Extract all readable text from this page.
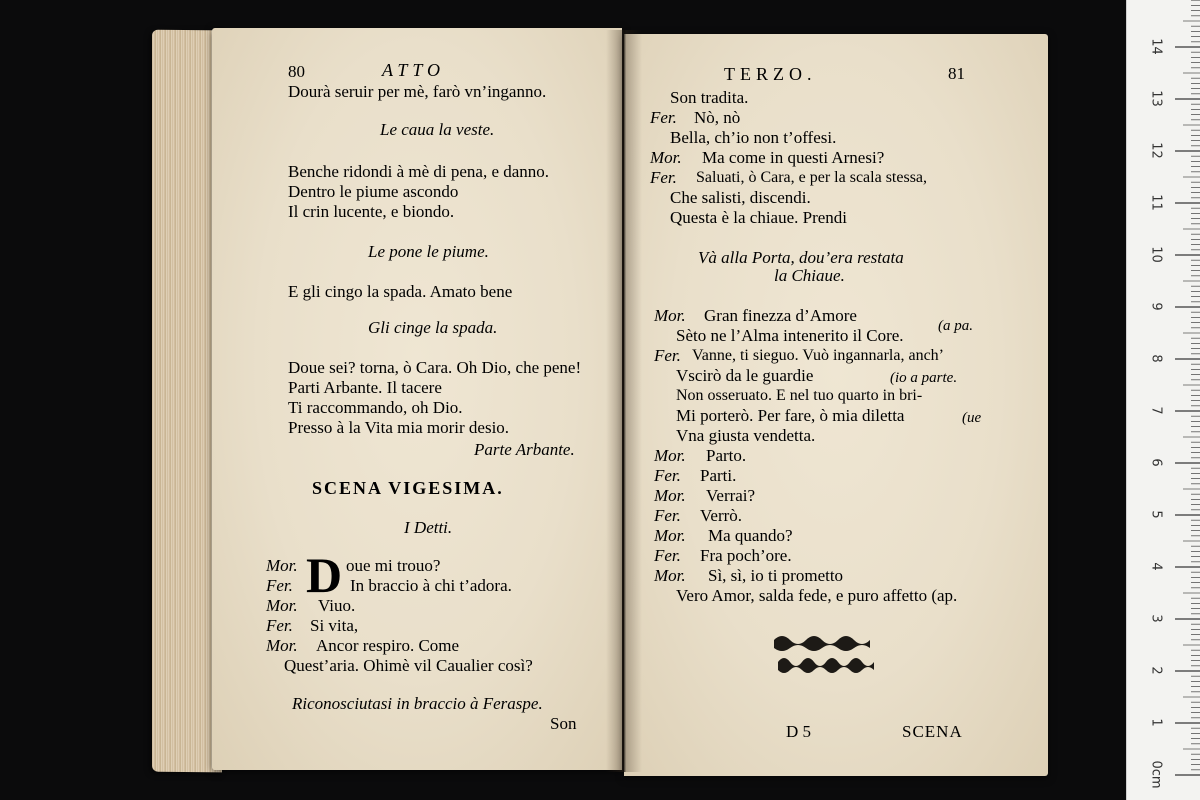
80	ATTO
Dourà seruir per mè, farò vn’inganno.
Le caua la veste.
Benche ridondi à mè di pena, e danno.
Dentro le piume ascondo
Il crin lucente, e biondo.
Le pone le piume.
E gli cingo la spada. Amato bene
Gli cinge la spada.
Doue sei? torna, ò Cara. Oh Dio, che pene!
Parti Arbante. Il tacere
Ti raccommando, oh Dio.
Presso à la Vita mia morir desio.
Parte Arbante.
SCENA VIGESIMA.
I Detti.
D
Mor.	oue mi trouo?
Fer.	In braccio à chi t’adora.
Mor. Viuo.
Fer. Si vita,
Mor. Ancor respiro. Come
Quest’aria. Ohimè vil Caualier così?
Riconosciutasi in braccio à Feraspe.
Son
TERZO.	81
Son tradita.
Fer. Nò, nò
Bella, ch’io non t’offesi.
Mor. Ma come in questi Arnesi?
Fer. Saluati, ò Cara, e per la scala stessa,
Che salisti, discendi.
Questa è la chiaue. Prendi
Và alla Porta, dou’era restata
la Chiaue.
Mor. Gran finezza d’Amore
Sèto ne l’Alma intenerito il Core.
Fer. Vanne, ti sieguo. Vuò ingannarla, anch’
Vscirò da le guardie
Non osseruato. E nel tuo quarto in bri-
Mi porterò. Per fare, ò mia diletta
Vna giusta vendetta.
(a pa.
(io a parte.
(ue
Mor. Parto.
Fer. Parti.
Mor. Verrai?
Fer. Verrò.
Mor. Ma quando?
Fer. Fra poch’ore.
Mor. Sì, sì, io ti prometto
Vero Amor, salda fede, e puro affetto (ap.
D 5	SCENA
0cm
1
2
3
4
5
6
7
8
9
10
11
12
13
14
